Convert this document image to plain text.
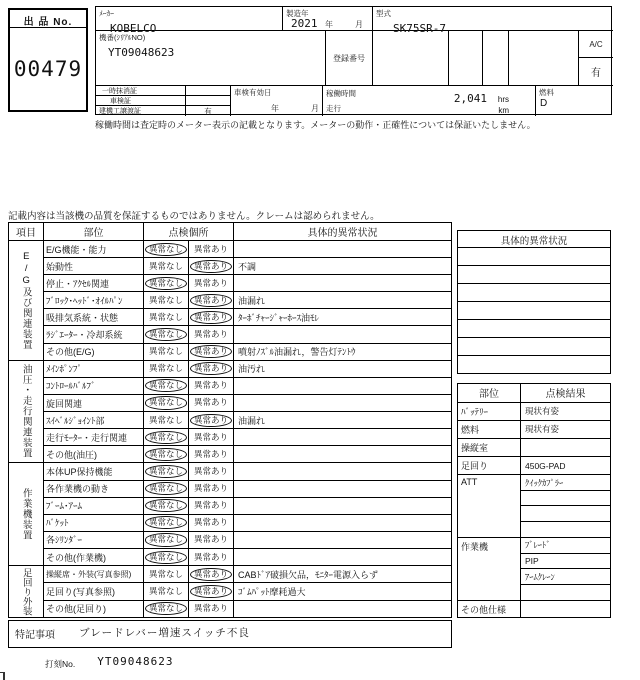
出 品 No.
00479
ﾒｰｶｰ
KOBELCO
製造年
2021 年	月
型式
SK75SR-7
機番(ｼﾘｱﾙNO)
YT09048623	登録番号
A/C
有
一時抹消証
車検証
建機工譲渡証	有
車検有効日
年	月
稼働時間	2,041 hrs
走行	km
燃料
D
稼働時間は査定時のメーター表示の記載となります。メーターの動作・正確性については保証いたしません。
記載内容は当該機の品質を保証するものではありません。クレームは認められません。
項目	部位	点検個所	具体的異常状況
E/G及び関連装置
E/G機能・能力	異常なし	異常あり
始動性	異常なし	異常あり	不調
停止・ｱｸｾﾙ関連	異常なし	異常あり
ﾌﾞﾛｯｸ･ﾍｯﾄﾞ･ｵｲﾙﾊﾟﾝ	異常なし	異常あり	油漏れ
吸排気系統・状態	異常なし	異常あり	ﾀｰﾎﾞﾁｬｰｼﾞｬｰﾎｰｽ油ﾓﾚ
ﾗｼﾞｴｰﾀｰ・冷却系統	異常なし	異常あり
その他(E/G)	異常なし	異常あり	噴射ﾉｽﾞﾙ油漏れ，警告灯ﾃﾝﾄｳ
油圧・走行関連装置	ﾒｲﾝﾎﾟﾝﾌﾟ	異常なし	異常あり	油汚れ
ｺﾝﾄﾛｰﾙﾊﾞﾙﾌﾞ	異常なし	異常あり
旋回関連	異常なし	異常あり
ｽｲﾍﾞﾙｼﾞｮｲﾝﾄ部	異常なし	異常あり	油漏れ
走行ﾓｰﾀｰ・走行関連	異常なし	異常あり
その他(油圧)	異常なし	異常あり
作業機装置
本体UP保持機能	異常なし	異常あり
各作業機の動き	異常なし	異常あり
ﾌﾞｰﾑ･ｱｰﾑ	異常なし	異常あり
ﾊﾞｹｯﾄ	異常なし	異常あり
各ｼﾘﾝﾀﾞｰ	異常なし	異常あり
その他(作業機)	異常なし	異常あり
足回り外装	操縦席・外装(写真参照)	異常なし	異常あり	CABﾄﾞｱ破損欠品，ﾓﾆﾀｰ電源入らず
足回り(写真参照)	異常なし	異常あり	ｺﾞﾑﾊﾟｯﾄ摩耗過大
その他(足回り)	異常なし	異常あり
特記事項	ブレードレバー増速スイッチ不良
打刻No. YT09048623
具体的異常状況
部位	点検結果
ﾊﾞｯﾃﾘｰ	現状有姿
燃料	現状有姿
操縦室
足回り	450G-PAD
ATT	ｸｲｯｸｶﾌﾟﾗｰ
作業機	ﾌﾞﾚｰﾄﾞ
PIP
ｱｰﾑｸﾚｰﾝ
その他仕様
